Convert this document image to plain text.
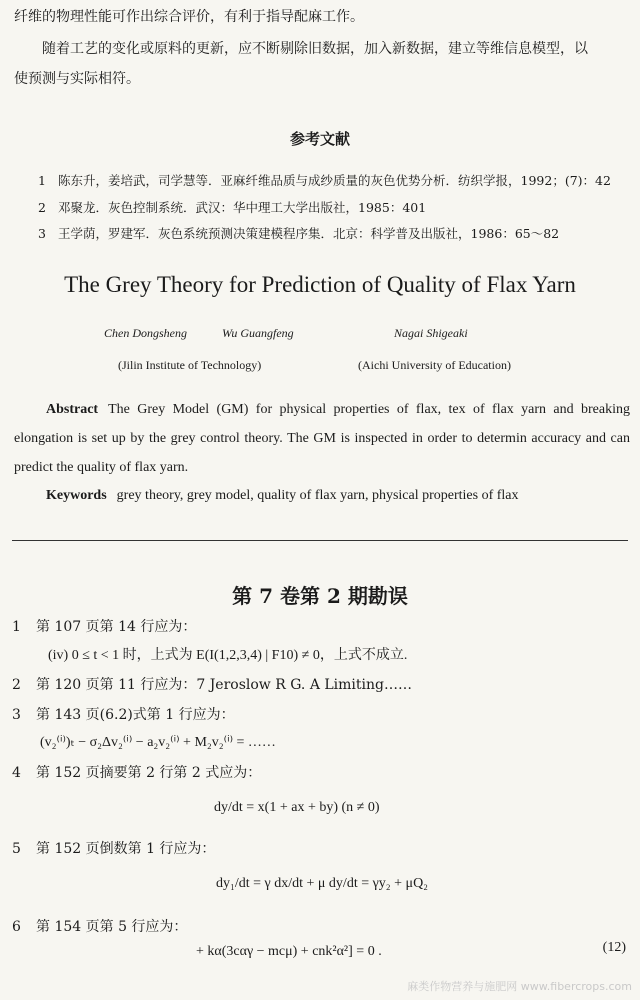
纤维的物理性能可作出综合评价，有利于指导配麻工作。

随着工艺的变化或原料的更新，应不断剔除旧数据，加入新数据，建立等维信息模型，以

使预测与实际相符。

参考文献
1 陈东升，姜培武，司学慧等．亚麻纤维品质与成纱质量的灰色优势分析．纺织学报，1992；(7)：42
2 邓聚龙．灰色控制系统．武汉：华中理工大学出版社，1985：401
3 王学荫，罗建军．灰色系统预测决策建模程序集．北京：科学普及出版社，1986：65～82
The Grey Theory for Prediction of Quality of Flax Yarn
Chen Dongsheng	Wu Guangfeng	Nagai Shigeaki
(Jilin Institute of Technology)	(Aichi University of Education)
Abstract The Grey Model (GM) for physical properties of flax, tex of flax yarn and breaking elongation is set up by the grey control theory. The GM is inspected in order to determin accuracy and can predict the quality of flax yarn.
Keywords grey theory, grey model, quality of flax yarn, physical properties of flax
第 7 卷第 2 期勘误
1 第 107 页第 14 行应为：
(iv) 0 ≤ t < 1 时，上式为 E(I(1,2,3,4) | F10) ≠ 0，上式不成立.
2 第 120 页第 11 行应为：7 Jeroslow R G. A Limiting……
3 第 143 页(6.2)式第 1 行应为：
(v₂⁽ⁱ⁾)ₜ − σ₂Δv₂⁽ⁱ⁾ − a₂v₂⁽ⁱ⁾ + M₂v₂⁽ⁱ⁾ = ……
4 第 152 页摘要第 2 行第 2 式应为：
dy/dt = x(1 + ax + by) (n ≠ 0)
5 第 152 页倒数第 1 行应为：
dy₁/dt = γ dx/dt + μ dy/dt = γy₂ + μQ₂
6 第 154 页第 5 行应为：
+ kα(3cαγ − mcμ) + cnk²α²] = 0 .	(12)
麻类作物营养与施肥网 www.fibercrops.com
